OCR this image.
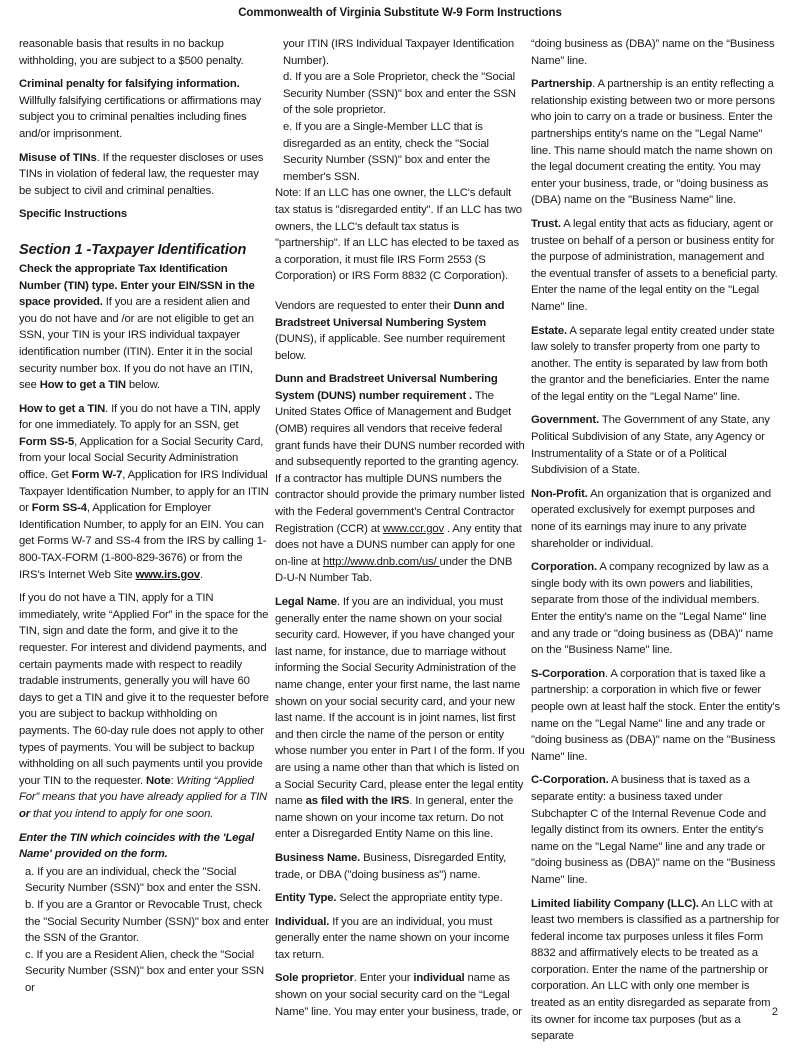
Commonwealth of Virginia Substitute W-9 Form Instructions

reasonable basis that results in no backup withholding, you are subject to a $500 penalty.

Criminal penalty for falsifying information. Willfully falsifying certifications or affirmations may subject you to criminal penalties including fines and/or imprisonment.

Misuse of TINs. If the requester discloses or uses TINs in violation of federal law, the requester may be subject to civil and criminal penalties.

Specific Instructions

Section 1 -Taxpayer Identification

Check the appropriate Tax Identification Number (TIN) type. Enter your EIN/SSN in the space provided. If you are a resident alien and you do not have and /or are not eligible to get an SSN, your TIN is your IRS individual taxpayer identification number (ITIN). Enter it in the social security number box. If you do not have an ITIN, see How to get a TIN below.

How to get a TIN. If you do not have a TIN, apply for one immediately. To apply for an SSN, get Form SS-5, Application for a Social Security Card, from your local Social Security Administration office. Get Form W-7, Application for IRS Individual Taxpayer Identification Number, to apply for an ITIN or Form SS-4, Application for Employer Identification Number, to apply for an EIN. You can get Forms W-7 and SS-4 from the IRS by calling 1-800-TAX-FORM (1-800-829-3676) or from the IRS’s Internet Web Site www.irs.gov.

If you do not have a TIN, apply for a TIN immediately, write “Applied For” in the space for the TIN, sign and date the form, and give it to the requester. For interest and dividend payments, and certain payments made with respect to readily tradable instruments, generally you will have 60 days to get a TIN and give it to the requester before you are subject to backup withholding on payments. The 60-day rule does not apply to other types of payments. You will be subject to backup withholding on all such payments until you provide your TIN to the requester. Note: Writing “Applied For” means that you have already applied for a TIN or that you intend to apply for one soon.

Enter the TIN which coincides with the 'Legal Name' provided on the form.

a. If you are an individual, check the "Social Security Number (SSN)" box and enter the SSN.

b. If you are a Grantor or Revocable Trust, check the "Social Security Number (SSN)" box and enter the SSN of the Grantor.

c. If you are a Resident Alien, check the "Social Security Number (SSN)" box and enter your SSN or

your ITIN (IRS Individual Taxpayer Identification Number).

d. If you are a Sole Proprietor, check the "Social Security Number (SSN)" box and enter the SSN of the sole proprietor.

e. If you are a Single-Member LLC that is disregarded as an entity, check the "Social Security Number (SSN)" box and enter the member's SSN.

Note: If an LLC has one owner, the LLC's default tax status is "disregarded entity". If an LLC has two owners, the LLC's default tax status is "partnership". If an LLC has elected to be taxed as a corporation, it must file IRS Form 2553 (S Corporation) or IRS Form 8832 (C Corporation).

Vendors are requested to enter their Dunn and Bradstreet Universal Numbering System (DUNS), if applicable. See number requirement below.

Dunn and Bradstreet Universal Numbering System (DUNS) number requirement . The United States Office of Management and Budget (OMB) requires all vendors that receive federal grant funds have their DUNS number recorded with and subsequently reported to the granting agency. If a contractor has multiple DUNS numbers the contractor should provide the primary number listed with the Federal government’s Central Contractor Registration (CCR) at www.ccr.gov . Any entity that does not have a DUNS number can apply for one on-line at http://www.dnb.com/us/ under the DNB D-U-N Number Tab.

Legal Name. If you are an individual, you must generally enter the name shown on your social security card. However, if you have changed your last name, for instance, due to marriage without informing the Social Security Administration of the name change, enter your first name, the last name shown on your social security card, and your new last name. If the account is in joint names, list first and then circle the name of the person or entity whose number you enter in Part I of the form. If you are using a name other than that which is listed on a Social Security Card, please enter the legal entity name as filed with the IRS. In general, enter the name shown on your income tax return. Do not enter a Disregarded Entity Name on this line.

Business Name. Business, Disregarded Entity, trade, or DBA ("doing business as") name.

Entity Type. Select the appropriate entity type.

Individual. If you are an individual, you must generally enter the name shown on your income tax return.

Sole proprietor. Enter your individual name as shown on your social security card on the “Legal Name” line. You may enter your business, trade, or

“doing business as (DBA)” name on the “Business Name” line.

Partnership. A partnership is an entity reflecting a relationship existing between two or more persons who join to carry on a trade or business. Enter the partnerships entity's name on the "Legal Name" line. This name should match the name shown on the legal document creating the entity. You may enter your business, trade, or "doing business as (DBA) name on the "Business Name" line.

Trust. A legal entity that acts as fiduciary, agent or trustee on behalf of a person or business entity for the purpose of administration, management and the eventual transfer of assets to a beneficial party. Enter the name of the legal entity on the "Legal Name" line.

Estate. A separate legal entity created under state law solely to transfer property from one party to another. The entity is separated by law from both the grantor and the beneficiaries. Enter the name of the legal entity on the "Legal Name" line.

Government. The Government of any State, any Political Subdivision of any State, any Agency or Instrumentality of a State or of a Political Subdivision of a State.

Non-Profit. An organization that is organized and operated exclusively for exempt purposes and none of its earnings may inure to any private shareholder or individual.

Corporation. A company recognized by law as a single body with its own powers and liabilities, separate from those of the individual members. Enter the entity's name on the "Legal Name" line and any trade or "doing business as (DBA)" name on the "Business Name" line.

S-Corporation. A corporation that is taxed like a partnership: a corporation in which five or fewer people own at least half the stock. Enter the entity's name on the "Legal Name" line and any trade or "doing business as (DBA)" name on the "Business Name" line.

C-Corporation. A business that is taxed as a separate entity: a business taxed under Subchapter C of the Internal Revenue Code and legally distinct from its owners. Enter the entity's name on the "Legal Name" line and any trade or "doing business as (DBA)" name on the "Business Name" line.

Limited liability Company (LLC). An LLC with at least two members is classified as a partnership for federal income tax purposes unless it files Form 8832 and affirmatively elects to be treated as a corporation. Enter the name of the partnership or corporation. An LLC with only one member is treated as an entity disregarded as separate from its owner for income tax purposes (but as a separate

2
